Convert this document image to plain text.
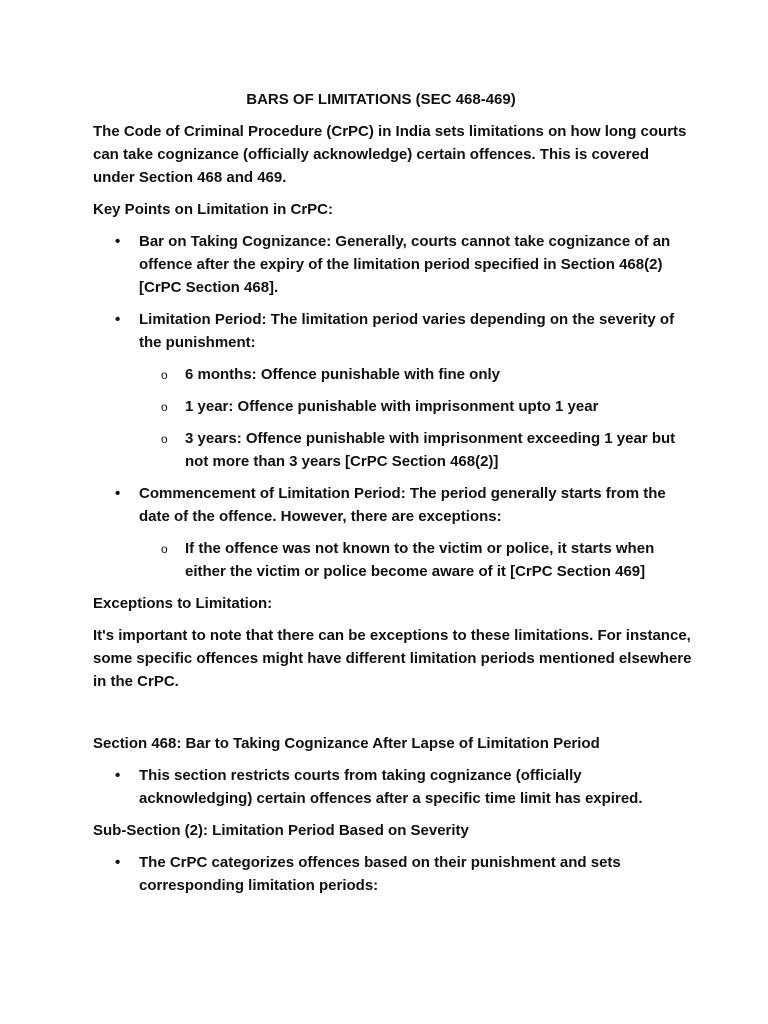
BARS OF LIMITATIONS (SEC 468-469)

The Code of Criminal Procedure (CrPC) in India sets limitations on how long courts can take cognizance (officially acknowledge) certain offences. This is covered under Section 468 and 469.

Key Points on Limitation in CrPC:

• Bar on Taking Cognizance: Generally, courts cannot take cognizance of an offence after the expiry of the limitation period specified in Section 468(2) [CrPC Section 468].
• Limitation Period: The limitation period varies depending on the severity of the punishment:
o 6 months: Offence punishable with fine only
o 1 year: Offence punishable with imprisonment upto 1 year
o 3 years: Offence punishable with imprisonment exceeding 1 year but not more than 3 years [CrPC Section 468(2)]
• Commencement of Limitation Period: The period generally starts from the date of the offence. However, there are exceptions:
o If the offence was not known to the victim or police, it starts when either the victim or police become aware of it [CrPC Section 469]

Exceptions to Limitation:

It's important to note that there can be exceptions to these limitations. For instance, some specific offences might have different limitation periods mentioned elsewhere in the CrPC.

Section 468: Bar to Taking Cognizance After Lapse of Limitation Period

• This section restricts courts from taking cognizance (officially acknowledging) certain offences after a specific time limit has expired.

Sub-Section (2): Limitation Period Based on Severity

• The CrPC categorizes offences based on their punishment and sets corresponding limitation periods:
